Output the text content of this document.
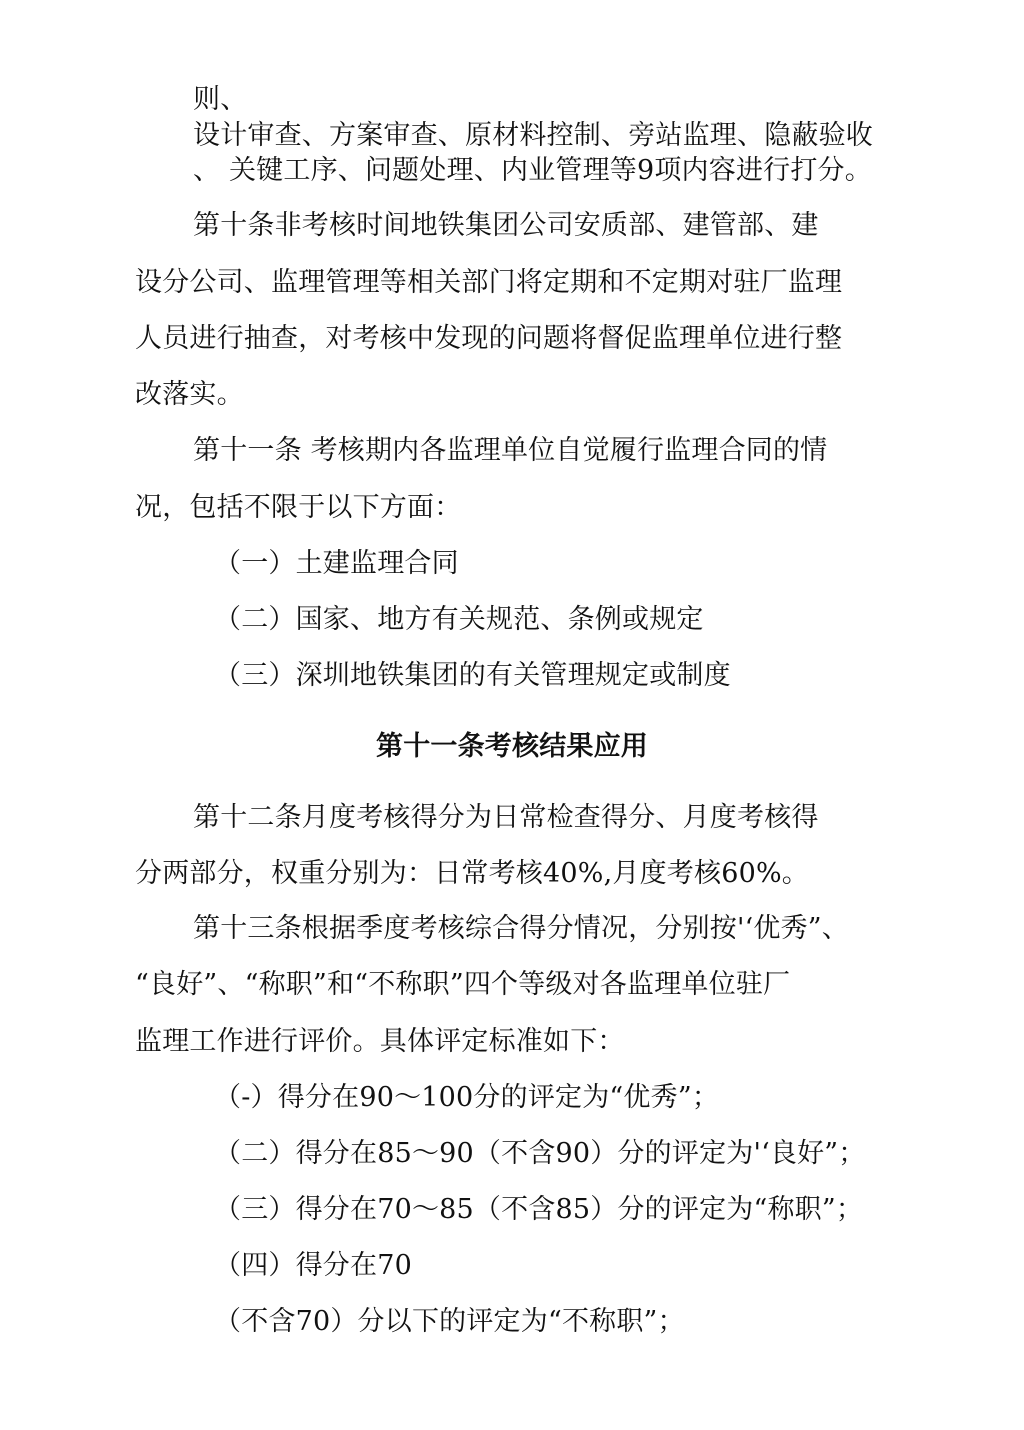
则、
设计审查、方案审查、原材料控制、旁站监理、隐蔽验收
、 关键工序、问题处理、内业管理等9项内容进行打分。
第十条非考核时间地铁集团公司安质部、建管部、建
设分公司、监理管理等相关部门将定期和不定期对驻厂监理
人员进行抽查，对考核中发现的问题将督促监理单位进行整
改落实。
第十一条 考核期内各监理单位自觉履行监理合同的情
况，包括不限于以下方面：
（一）土建监理合同
（二）国家、地方有关规范、条例或规定
（三）深圳地铁集团的有关管理规定或制度
第十一条考核结果应用
第十二条月度考核得分为日常检查得分、月度考核得
分两部分，权重分别为：日常考核40%,月度考核60%。
第十三条根据季度考核综合得分情况，分别按'‘优秀”、
“良好”、“称职”和“不称职”四个等级对各监理单位驻厂
监理工作进行评价。具体评定标准如下：
（-）得分在90～100分的评定为“优秀”；
（二）得分在85～90（不含90）分的评定为'‘良好”；
（三）得分在70～85（不含85）分的评定为“称职”；
（四）得分在70
（不含70）分以下的评定为“不称职”；
